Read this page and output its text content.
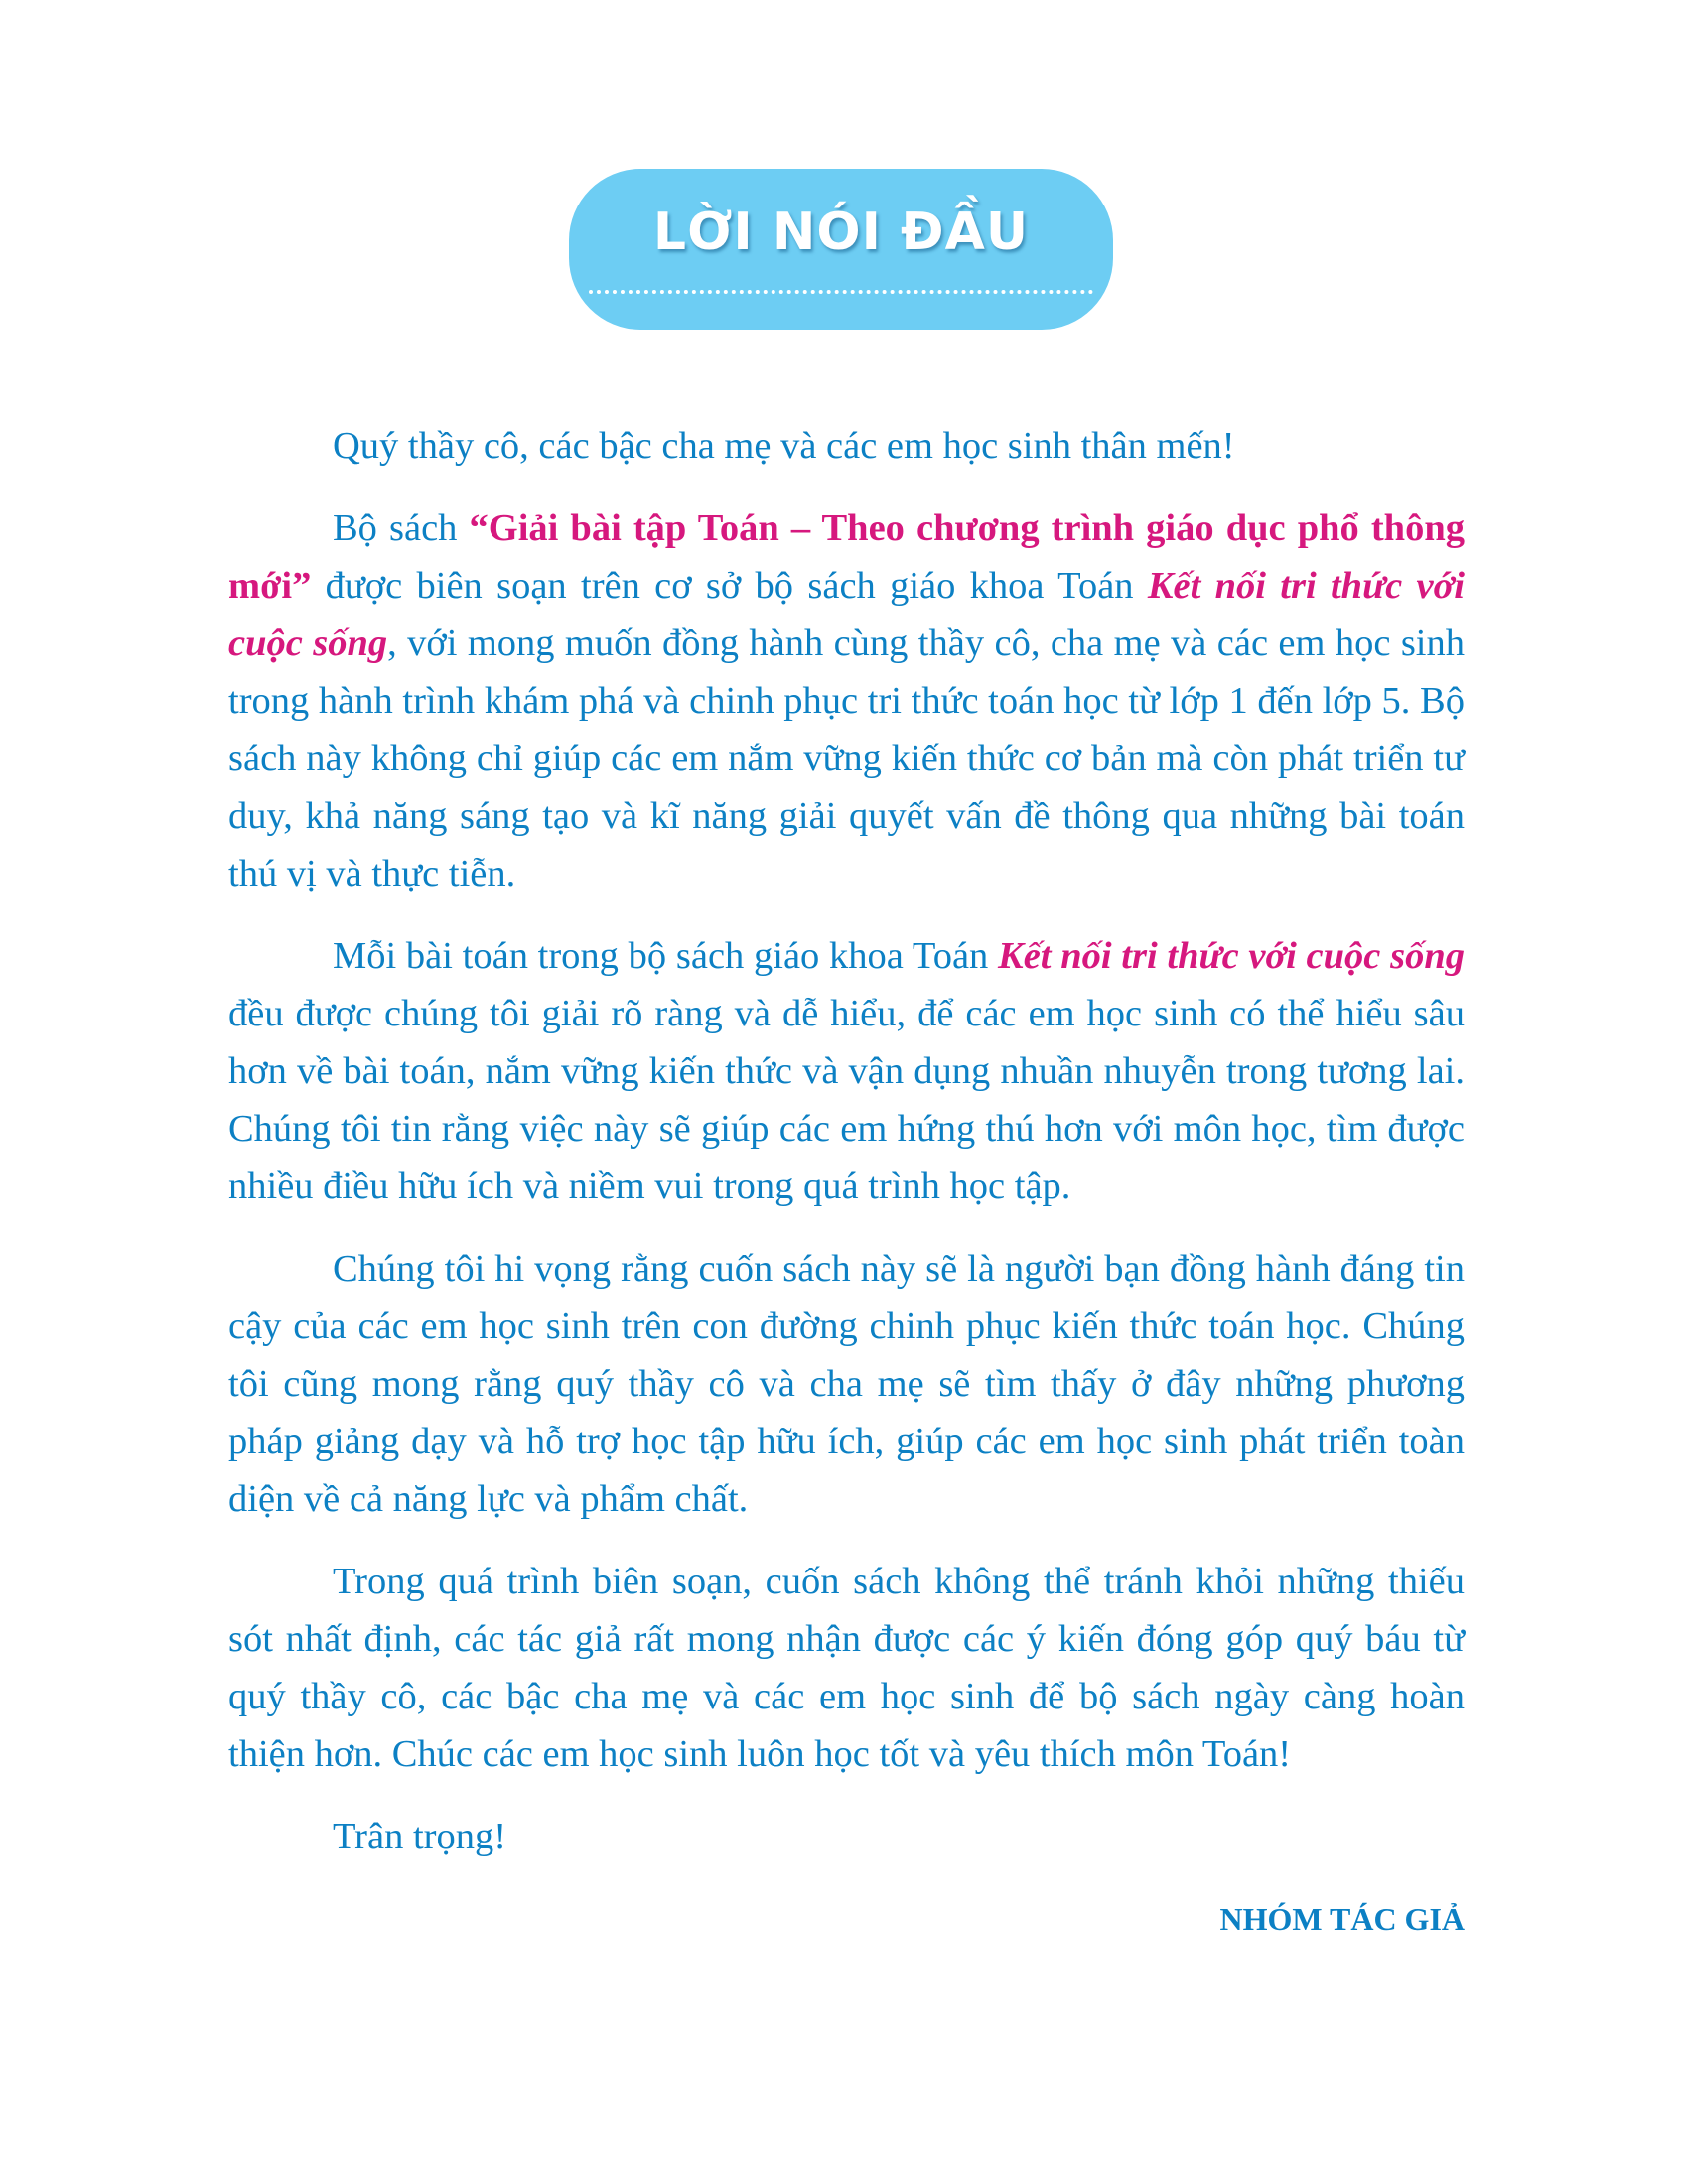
LỜI NÓI ĐẦU

Quý thầy cô, các bậc cha mẹ và các em học sinh thân mến!

Bộ sách “Giải bài tập Toán – Theo chương trình giáo dục phổ thông mới” được biên soạn trên cơ sở bộ sách giáo khoa Toán Kết nối tri thức với cuộc sống, với mong muốn đồng hành cùng thầy cô, cha mẹ và các em học sinh trong hành trình khám phá và chinh phục tri thức toán học từ lớp 1 đến lớp 5. Bộ sách này không chỉ giúp các em nắm vững kiến thức cơ bản mà còn phát triển tư duy, khả năng sáng tạo và kĩ năng giải quyết vấn đề thông qua những bài toán thú vị và thực tiễn.

Mỗi bài toán trong bộ sách giáo khoa Toán Kết nối tri thức với cuộc sống đều được chúng tôi giải rõ ràng và dễ hiểu, để các em học sinh có thể hiểu sâu hơn về bài toán, nắm vững kiến thức và vận dụng nhuần nhuyễn trong tương lai. Chúng tôi tin rằng việc này sẽ giúp các em hứng thú hơn với môn học, tìm được nhiều điều hữu ích và niềm vui trong quá trình học tập.

Chúng tôi hi vọng rằng cuốn sách này sẽ là người bạn đồng hành đáng tin cậy của các em học sinh trên con đường chinh phục kiến thức toán học. Chúng tôi cũng mong rằng quý thầy cô và cha mẹ sẽ tìm thấy ở đây những phương pháp giảng dạy và hỗ trợ học tập hữu ích, giúp các em học sinh phát triển toàn diện về cả năng lực và phẩm chất.

Trong quá trình biên soạn, cuốn sách không thể tránh khỏi những thiếu sót nhất định, các tác giả rất mong nhận được các ý kiến đóng góp quý báu từ quý thầy cô, các bậc cha mẹ và các em học sinh để bộ sách ngày càng hoàn thiện hơn. Chúc các em học sinh luôn học tốt và yêu thích môn Toán!

Trân trọng!

NHÓM TÁC GIẢ
